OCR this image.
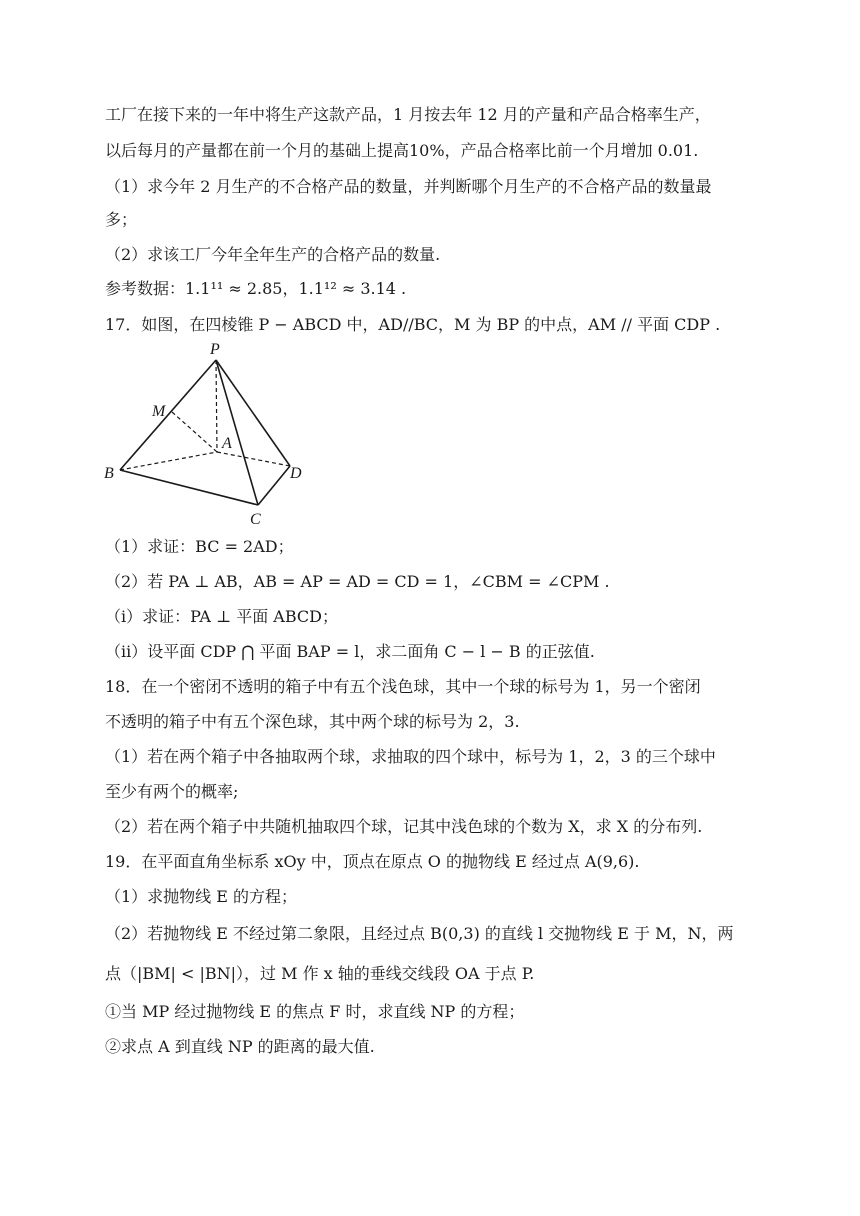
工厂在接下来的一年中将生产这款产品，1 月按去年 12 月的产量和产品合格率生产，
以后每月的产量都在前一个月的基础上提高10%，产品合格率比前一个月增加 0.01.
（1）求今年 2 月生产的不合格产品的数量，并判断哪个月生产的不合格产品的数量最
多；
（2）求该工厂今年全年生产的合格产品的数量.
参考数据：1.1¹¹ ≈ 2.85，1.1¹² ≈ 3.14 .
17．如图，在四棱锥 P − ABCD 中，AD//BC，M 为 BP 的中点，AM // 平面 CDP .
P
M
A
B
C
D
（1）求证：BC = 2AD；
（2）若 PA ⊥ AB，AB = AP = AD = CD = 1，∠CBM = ∠CPM .
（i）求证：PA ⊥ 平面 ABCD；
（ii）设平面 CDP ⋂ 平面 BAP = l，求二面角 C − l − B 的正弦值.
18．在一个密闭不透明的箱子中有五个浅色球，其中一个球的标号为 1，另一个密闭
不透明的箱子中有五个深色球，其中两个球的标号为 2，3.
（1）若在两个箱子中各抽取两个球，求抽取的四个球中，标号为 1，2，3 的三个球中
至少有两个的概率;
（2）若在两个箱子中共随机抽取四个球，记其中浅色球的个数为 X，求 X 的分布列.
19．在平面直角坐标系 xOy 中，顶点在原点 O 的抛物线 E 经过点 A(9,6).
（1）求抛物线 E 的方程；
（2）若抛物线 E 不经过第二象限，且经过点 B(0,3) 的直线 l 交抛物线 E 于 M，N，两
点（|BM| < |BN|），过 M 作 x 轴的垂线交线段 OA 于点 P.
①当 MP 经过抛物线 E 的焦点 F 时，求直线 NP 的方程；
②求点 A 到直线 NP 的距离的最大值.
